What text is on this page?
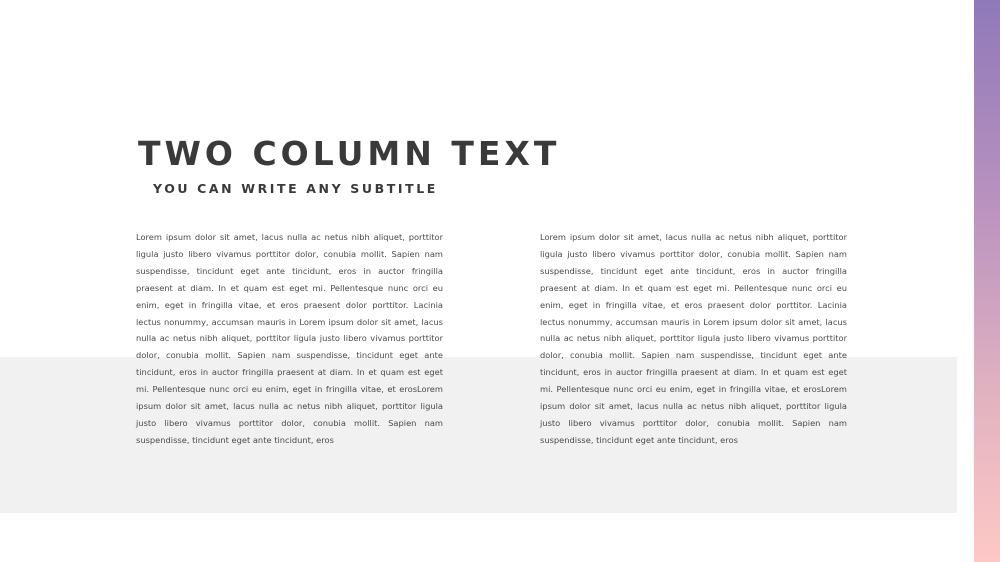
TWO COLUMN TEXT
YOU CAN WRITE ANY SUBTITLE

Lorem ipsum dolor sit amet, lacus nulla ac netus nibh aliquet, porttitor ligula justo libero vivamus porttitor dolor, conubia mollit. Sapien nam suspendisse, tincidunt eget ante tincidunt, eros in auctor fringilla praesent at diam. In et quam est eget mi. Pellentesque nunc orci eu enim, eget in fringilla vitae, et eros praesent dolor porttitor. Lacinia lectus nonummy, accumsan mauris in Lorem ipsum dolor sit amet, lacus nulla ac netus nibh aliquet, porttitor ligula justo libero vivamus porttitor dolor, conubia mollit. Sapien nam suspendisse, tincidunt eget ante tincidunt, eros in auctor fringilla praesent at diam. In et quam est eget mi. Pellentesque nunc orci eu enim, eget in fringilla vitae, et erosLorem ipsum dolor sit amet, lacus nulla ac netus nibh aliquet, porttitor ligula justo libero vivamus porttitor dolor, conubia mollit. Sapien nam suspendisse, tincidunt eget ante tincidunt, eros

Lorem ipsum dolor sit amet, lacus nulla ac netus nibh aliquet, porttitor ligula justo libero vivamus porttitor dolor, conubia mollit. Sapien nam suspendisse, tincidunt eget ante tincidunt, eros in auctor fringilla praesent at diam. In et quam est eget mi. Pellentesque nunc orci eu enim, eget in fringilla vitae, et eros praesent dolor porttitor. Lacinia lectus nonummy, accumsan mauris in Lorem ipsum dolor sit amet, lacus nulla ac netus nibh aliquet, porttitor ligula justo libero vivamus porttitor dolor, conubia mollit. Sapien nam suspendisse, tincidunt eget ante tincidunt, eros in auctor fringilla praesent at diam. In et quam est eget mi. Pellentesque nunc orci eu enim, eget in fringilla vitae, et erosLorem ipsum dolor sit amet, lacus nulla ac netus nibh aliquet, porttitor ligula justo libero vivamus porttitor dolor, conubia mollit. Sapien nam suspendisse, tincidunt eget ante tincidunt, eros
